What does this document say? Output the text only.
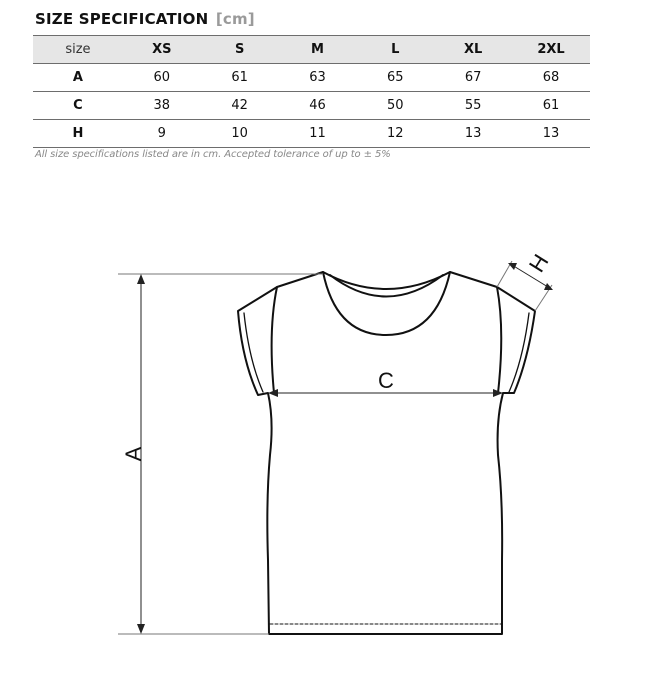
SIZE SPECIFICATION [cm]
size	XS	S	M	L	XL	2XL
A	60	61	63	65	67	68
C	38	42	46	50	55	61
H	9	10	11	12	13	13
All size specifications listed are in cm. Accepted tolerance of up to ± 5%
A
C
H
